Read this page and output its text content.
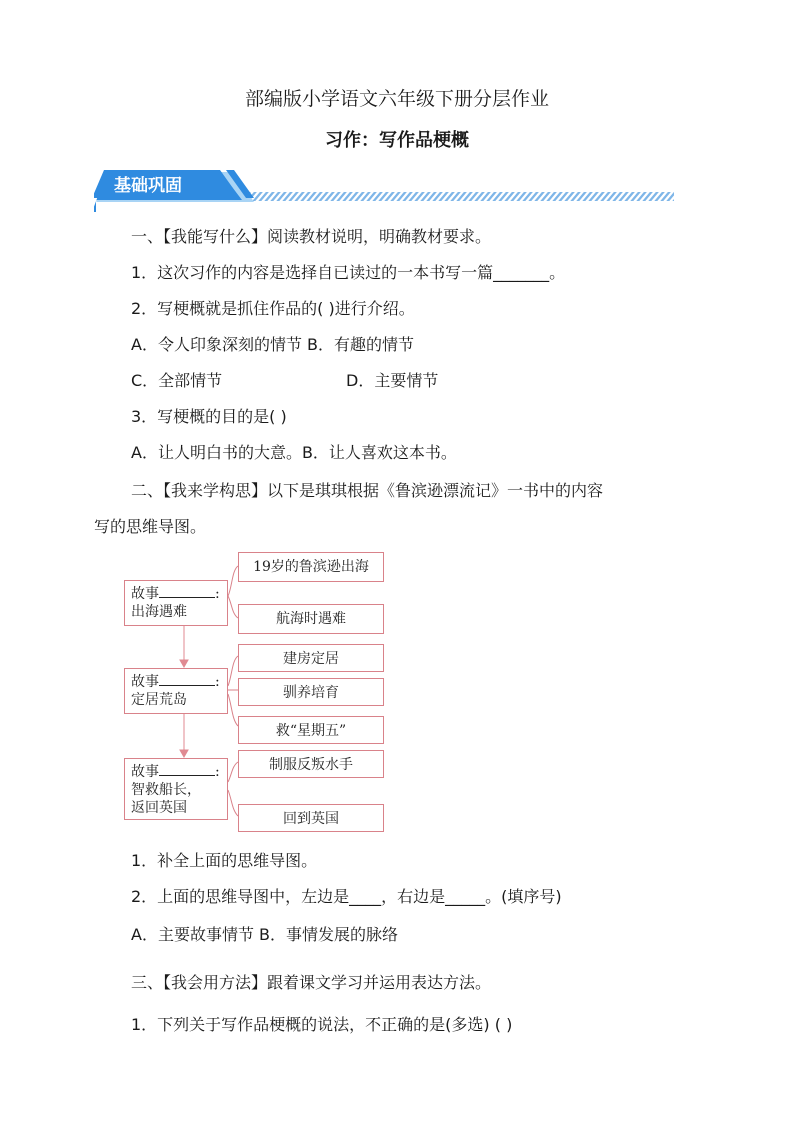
部编版小学语文六年级下册分层作业
习作：写作品梗概
基础巩固
一、【我能写什么】阅读教材说明，明确教材要求。
1．这次习作的内容是选择自已读过的一本书写一篇_______。
2．写梗概就是抓住作品的( )进行介绍。
A．令人印象深刻的情节 B．有趣的情节
C．全部情节	D．主要情节
3．写梗概的目的是( )
A．让人明白书的大意。B．让人喜欢这本书。
二、【我来学构思】以下是琪琪根据《鲁滨逊漂流记》一书中的内容
写的思维导图。
故事	:
出海遇难
19岁的鲁滨逊出海
航海时遇难
故事	:
定居荒岛
建房定居
驯养培育
救“星期五”
故事	:
智救船长，
返回英国
制服反叛水手
回到英国
1．补全上面的思维导图。
2．上面的思维导图中，左边是____，右边是_____。(填序号)
A．主要故事情节 B．事情发展的脉络
三、【我会用方法】跟着课文学习并运用表达方法。
1．下列关于写作品梗概的说法，不正确的是(多选) ( )
